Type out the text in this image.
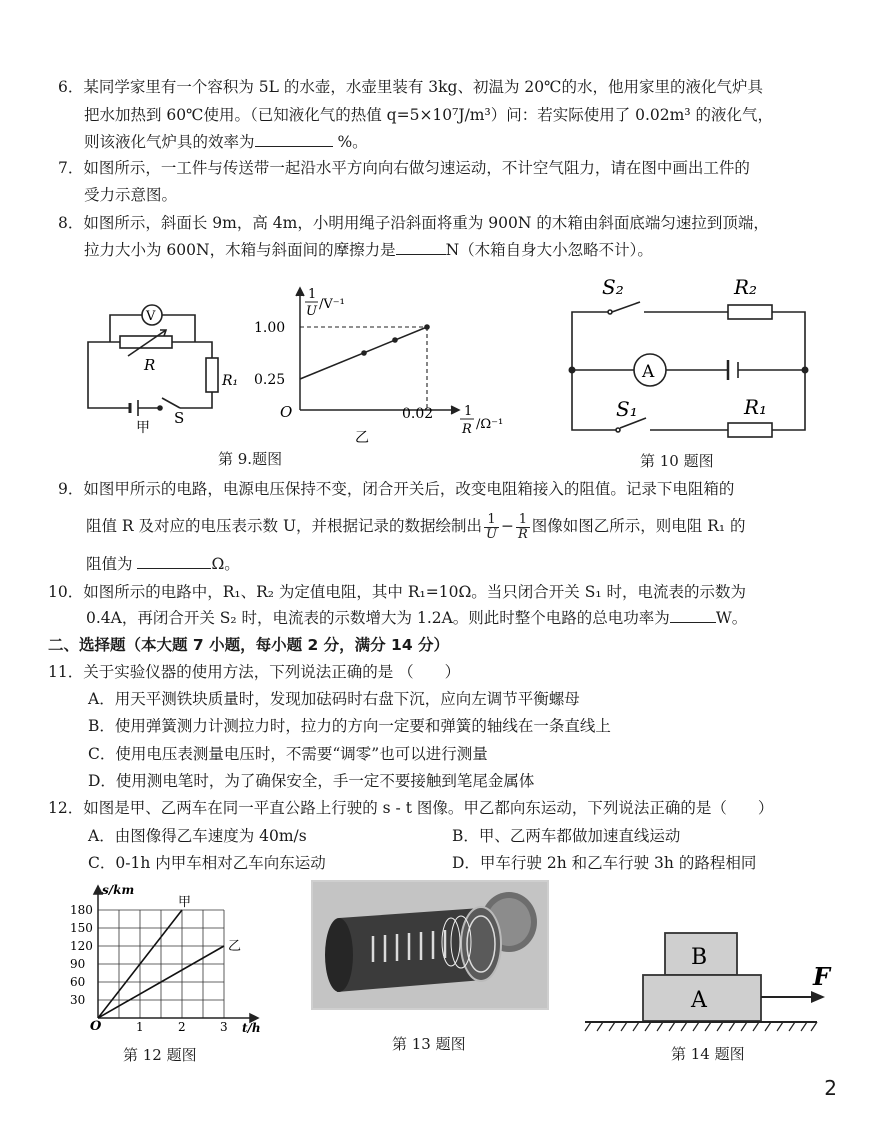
6．某同学家里有一个容积为 5L 的水壶，水壶里装有 3kg、初温为 20℃的水，他用家里的液化气炉具
把水加热到 60℃使用。（已知液化气的热值 q=5×10⁷J/m³）问：若实际使用了 0.02m³ 的液化气，
则该液化气炉具的效率为	%。
7．如图所示，一工件与传送带一起沿水平方向向右做匀速运动，不计空气阻力，请在图中画出工件的
受力示意图。
8．如图所示，斜面长 9m，高 4m，小明用绳子沿斜面将重为 900N 的木箱由斜面底端匀速拉到顶端，
拉力大小为 600N，木箱与斜面间的摩擦力是	N（木箱自身大小忽略不计）。
V
R
R₁
S
甲
1
U /V⁻¹
1.00
0.25
O	0.02 1
R /Ω⁻¹
乙
第 9.题图
S₂	R₂
A
S₁	R₁
第 10 题图
9．如图甲所示的电路，电源电压保持不变，闭合开关后，改变电阻箱接入的阻值。记录下电阻箱的
阻值 R 及对应的电压表示数 U，并根据记录的数据绘制出 $\frac{1}{U} - \frac{1}{R}$ 图像如图乙所示，则电阻 R₁ 的
阻值为	Ω。
10．如图所示的电路中，R₁、R₂ 为定值电阻，其中 R₁=10Ω。当只闭合开关 S₁ 时，电流表的示数为
0.4A，再闭合开关 S₂ 时，电流表的示数增大为 1.2A。则此时整个电路的总电功率为	W。
二、选择题（本大题 7 小题，每小题 2 分，满分 14 分）
11．关于实验仪器的使用方法，下列说法正确的是 （　　）
A．用天平测铁块质量时，发现加砝码时右盘下沉，应向左调节平衡螺母
B．使用弹簧测力计测拉力时，拉力的方向一定要和弹簧的轴线在一条直线上
C．使用电压表测量电压时，不需要“调零”也可以进行测量
D．使用测电笔时，为了确保安全，手一定不要接触到笔尾金属体
12．如图是甲、乙两车在同一平直公路上行驶的 s - t 图像。甲乙都向东运动，下列说法正确的是（　　）
A．由图像得乙车速度为 40m/s	B．甲、乙两车都做加速直线运动
C．0-1h 内甲车相对乙车向东运动	D．甲车行驶 2h 和乙车行驶 3h 的路程相同
30
60
90
120
150
180
1	2	3
甲
乙
s/km
O	t/h
第 12 题图
第 13 题图
B
A
F
第 14 题图
2
